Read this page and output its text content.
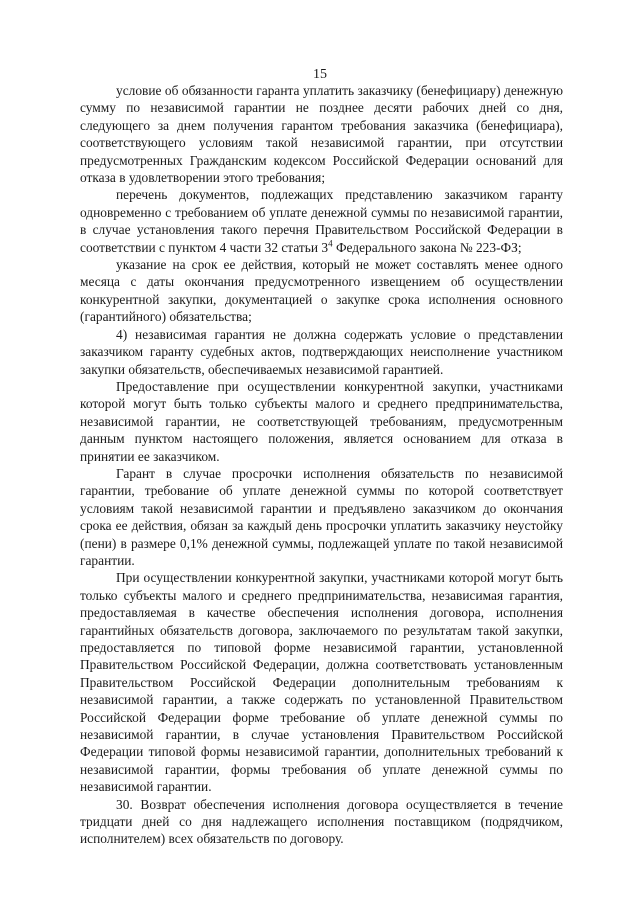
15

условие об обязанности гаранта уплатить заказчику (бенефициару) денежную сумму по независимой гарантии не позднее десяти рабочих дней со дня, следующего за днем получения гарантом требования заказчика (бенефициара), соответствующего условиям такой независимой гарантии, при отсутствии предусмотренных Гражданским кодексом Российской Федерации оснований для отказа в удовлетворении этого требования;

перечень документов, подлежащих представлению заказчиком гаранту одновременно с требованием об уплате денежной суммы по независимой гарантии, в случае установления такого перечня Правительством Российской Федерации в соответствии с пунктом 4 части 32 статьи $3^4$ Федерального закона № 223-ФЗ;

указание на срок ее действия, который не может составлять менее одного месяца с даты окончания предусмотренного извещением об осуществлении конкурентной закупки, документацией о закупке срока исполнения основного (гарантийного) обязательства;

4) независимая гарантия не должна содержать условие о представлении заказчиком гаранту судебных актов, подтверждающих неисполнение участником закупки обязательств, обеспечиваемых независимой гарантией.

Предоставление при осуществлении конкурентной закупки, участниками которой могут быть только субъекты малого и среднего предпринимательства, независимой гарантии, не соответствующей требованиям, предусмотренным данным пунктом настоящего положения, является основанием для отказа в принятии ее заказчиком.

Гарант в случае просрочки исполнения обязательств по независимой гарантии, требование об уплате денежной суммы по которой соответствует условиям такой независимой гарантии и предъявлено заказчиком до окончания срока ее действия, обязан за каждый день просрочки уплатить заказчику неустойку (пени) в размере 0,1% денежной суммы, подлежащей уплате по такой независимой гарантии.

При осуществлении конкурентной закупки, участниками которой могут быть только субъекты малого и среднего предпринимательства, независимая гарантия, предоставляемая в качестве обеспечения исполнения договора, исполнения гарантийных обязательств договора, заключаемого по результатам такой закупки, предоставляется по типовой форме независимой гарантии, установленной Правительством Российской Федерации, должна соответствовать установленным Правительством Российской Федерации дополнительным требованиям к независимой гарантии, а также содержать по установленной Правительством Российской Федерации форме требование об уплате денежной суммы по независимой гарантии, в случае установления Правительством Российской Федерации типовой формы независимой гарантии, дополнительных требований к независимой гарантии, формы требования об уплате денежной суммы по независимой гарантии.

30. Возврат обеспечения исполнения договора осуществляется в течение тридцати дней со дня надлежащего исполнения поставщиком (подрядчиком, исполнителем) всех обязательств по договору.
